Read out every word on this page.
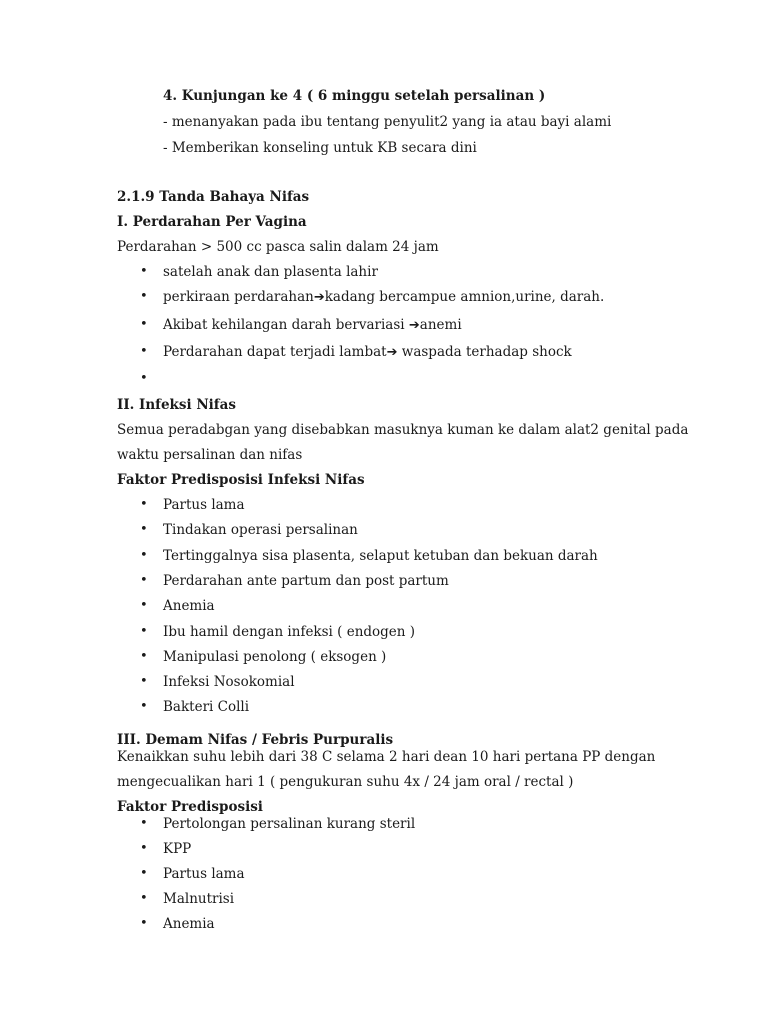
4. Kunjungan ke 4 ( 6 minggu setelah persalinan )
- menanyakan pada ibu tentang penyulit2 yang ia atau bayi alami
- Memberikan konseling untuk KB secara dini
2.1.9 Tanda Bahaya Nifas
I. Perdarahan Per Vagina
Perdarahan > 500 cc pasca salin dalam 24 jam
• satelah anak dan plasenta lahir
• perkiraan perdarahan➔kadang bercampue amnion,urine, darah.
• Akibat kehilangan darah bervariasi ➔anemi
• Perdarahan dapat terjadi lambat➔ waspada terhadap shock
•
II. Infeksi Nifas
Semua peradabgan yang disebabkan masuknya kuman ke dalam alat2 genital pada
waktu persalinan dan nifas
Faktor Predisposisi Infeksi Nifas
• Partus lama
• Tindakan operasi persalinan
• Tertinggalnya sisa plasenta, selaput ketuban dan bekuan darah
• Perdarahan ante partum dan post partum
• Anemia
• Ibu hamil dengan infeksi ( endogen )
• Manipulasi penolong ( eksogen )
• Infeksi Nosokomial
• Bakteri Colli
III. Demam Nifas / Febris Purpuralis
Kenaikkan suhu lebih dari 38 C selama 2 hari dean 10 hari pertana PP dengan
mengecualikan hari 1 ( pengukuran suhu 4x / 24 jam oral / rectal )
Faktor Predisposisi
• Pertolongan persalinan kurang steril
• KPP
• Partus lama
• Malnutrisi
• Anemia
